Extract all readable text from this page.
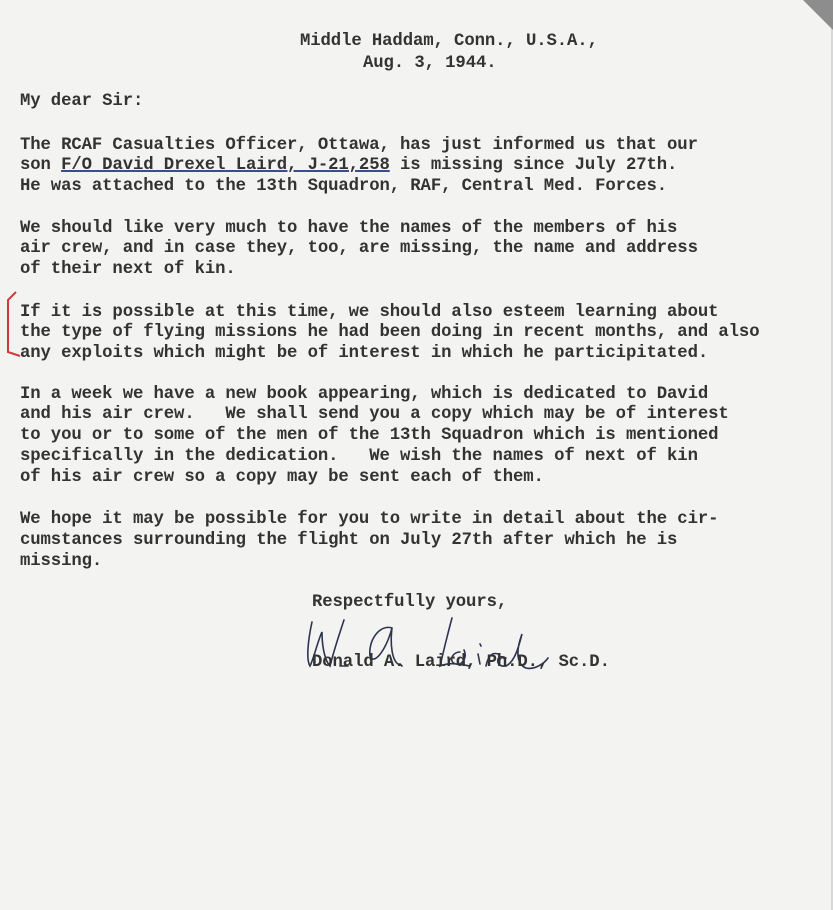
Middle Haddam, Conn., U.S.A.,
Aug. 3, 1944.
My dear Sir:
The RCAF Casualties Officer, Ottawa, has just informed us that our
son F/O David Drexel Laird, J-21,258 is missing since July 27th.
He was attached to the 13th Squadron, RAF, Central Med. Forces.
We should like very much to have the names of the members of his
air crew, and in case they, too, are missing, the name and address
of their next of kin.
If it is possible at this time, we should also esteem learning about
the type of flying missions he had been doing in recent months, and also
any exploits which might be of interest in which he participitated.
In a week we have a new book appearing, which is dedicated to David
and his air crew.   We shall send you a copy which may be of interest
to you or to some of the men of the 13th Squadron which is mentioned
specifically in the dedication.   We wish the names of next of kin
of his air crew so a copy may be sent each of them.
We hope it may be possible for you to write in detail about the cir-
cumstances surrounding the flight on July 27th after which he is
missing.
Respectfully yours,
Donald A. Laird, Ph.D., Sc.D.
